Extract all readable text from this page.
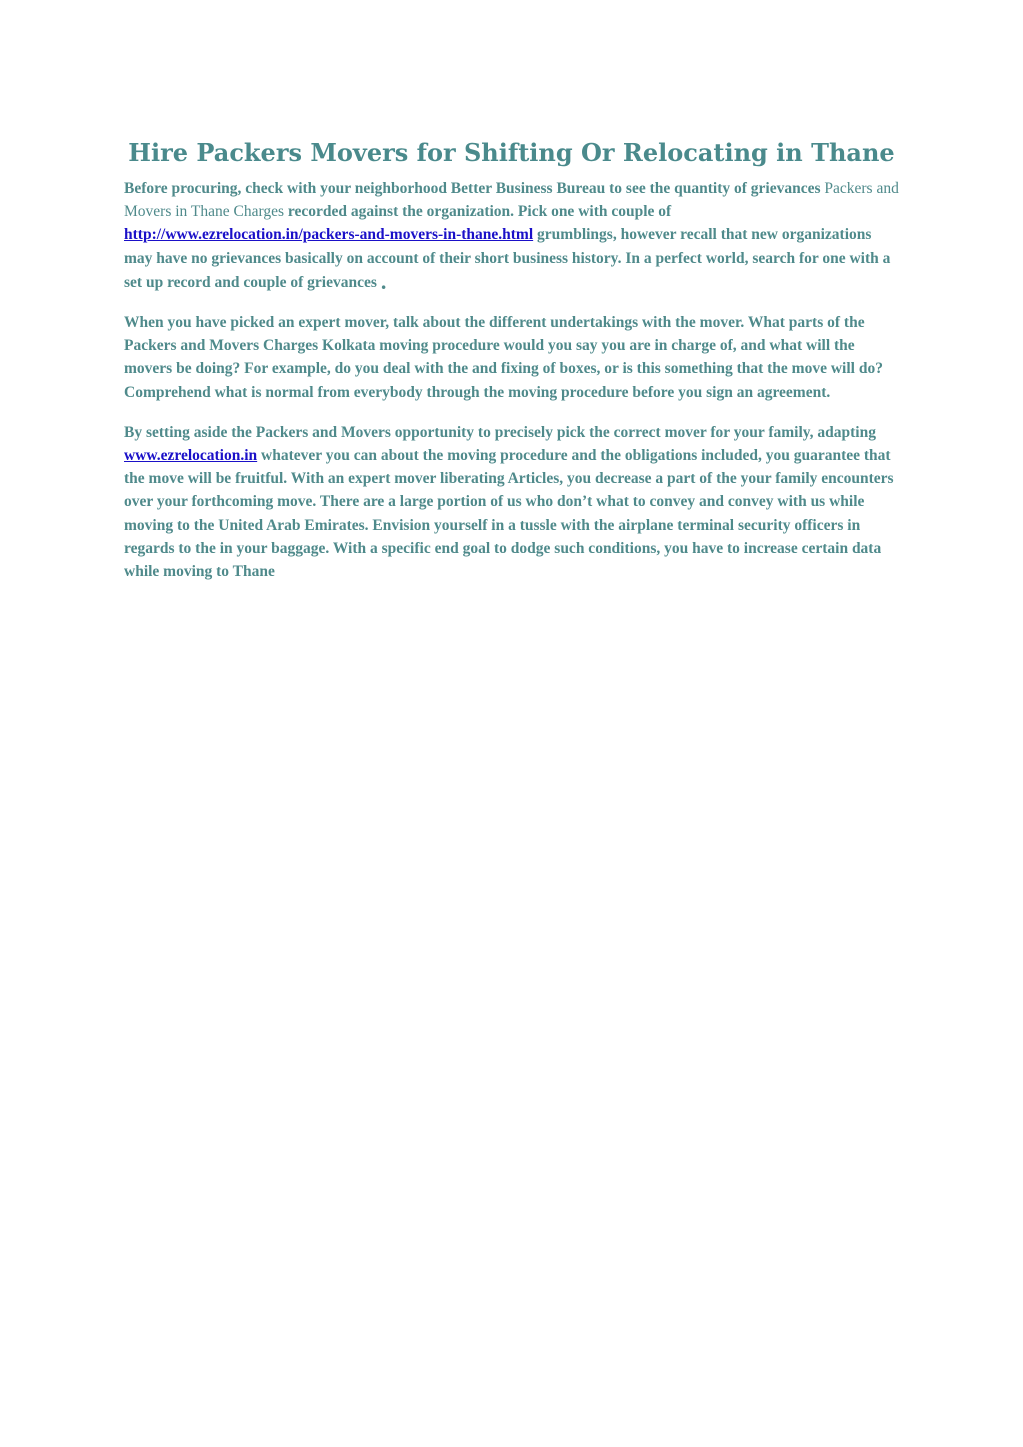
Hire Packers Movers for Shifting Or Relocating in Thane

Before procuring, check with your neighborhood Better Business Bureau to see the quantity of grievances Packers and Movers in Thane Charges recorded against the organization. Pick one with couple of http://www.ezrelocation.in/packers-and-movers-in-thane.html grumblings, however recall that new organizations may have no grievances basically on account of their short business history. In a perfect world, search for one with a set up record and couple of grievances .

When you have picked an expert mover, talk about the different undertakings with the mover. What parts of the Packers and Movers Charges Kolkata moving procedure would you say you are in charge of, and what will the movers be doing? For example, do you deal with the and fixing of boxes, or is this something that the move will do? Comprehend what is normal from everybody through the moving procedure before you sign an agreement.

By setting aside the Packers and Movers opportunity to precisely pick the correct mover for your family, adapting www.ezrelocation.in whatever you can about the moving procedure and the obligations included, you guarantee that the move will be fruitful. With an expert mover liberating Articles, you decrease a part of the your family encounters over your forthcoming move. There are a large portion of us who don’t what to convey and convey with us while moving to the United Arab Emirates. Envision yourself in a tussle with the airplane terminal security officers in regards to the in your baggage. With a specific end goal to dodge such conditions, you have to increase certain data while moving to Thane
